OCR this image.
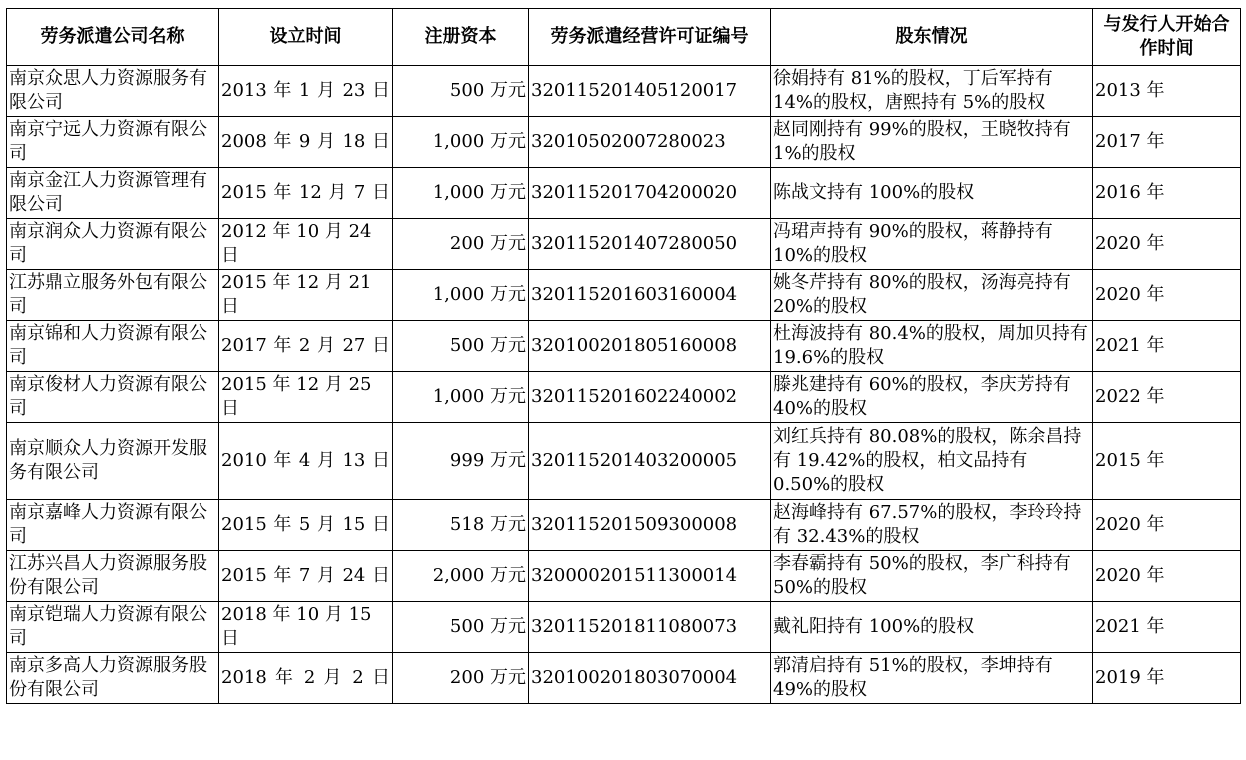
劳务派遣公司名称	设立时间	注册资本	劳务派遣经营许可证编号	股东情况	与发行人开始合作时间
南京众思人力资源服务有限公司	2013 年 1 月 23 日	500 万元	320115201405120017	徐娟持有 81%的股权，丁后军持有 14%的股权，唐熙持有 5%的股权	2013 年
南京宁远人力资源有限公司	2008 年 9 月 18 日	1,000 万元	32010502007280023	赵同刚持有 99%的股权，王晓牧持有 1%的股权	2017 年
南京金江人力资源管理有限公司	2015 年 12 月 7 日	1,000 万元	320115201704200020	陈战文持有 100%的股权	2016 年
南京润众人力资源有限公司	2012 年 10 月 24 日	200 万元	320115201407280050	冯珺声持有 90%的股权，蒋静持有 10%的股权	2020 年
江苏鼎立服务外包有限公司	2015 年 12 月 21 日	1,000 万元	320115201603160004	姚冬芹持有 80%的股权，汤海亮持有 20%的股权	2020 年
南京锦和人力资源有限公司	2017 年 2 月 27 日	500 万元	320100201805160008	杜海波持有 80.4%的股权，周加贝持有 19.6%的股权	2021 年
南京俊材人力资源有限公司	2015 年 12 月 25 日	1,000 万元	320115201602240002	滕兆建持有 60%的股权，李庆芳持有 40%的股权	2022 年
南京顺众人力资源开发服务有限公司	2010 年 4 月 13 日	999 万元	320115201403200005	刘红兵持有 80.08%的股权，陈余昌持有 19.42%的股权，柏文品持有 0.50%的股权	2015 年
南京嘉峰人力资源有限公司	2015 年 5 月 15 日	518 万元	320115201509300008	赵海峰持有 67.57%的股权，李玲玲持有 32.43%的股权	2020 年
江苏兴昌人力资源服务股份有限公司	2015 年 7 月 24 日	2,000 万元	320000201511300014	李春霸持有 50%的股权，李广科持有 50%的股权	2020 年
南京铠瑞人力资源有限公司	2018 年 10 月 15 日	500 万元	320115201811080073	戴礼阳持有 100%的股权	2021 年
南京多高人力资源服务股份有限公司	2018 年 2 月 2 日	200 万元	320100201803070004	郭清启持有 51%的股权，李坤持有 49%的股权	2019 年
